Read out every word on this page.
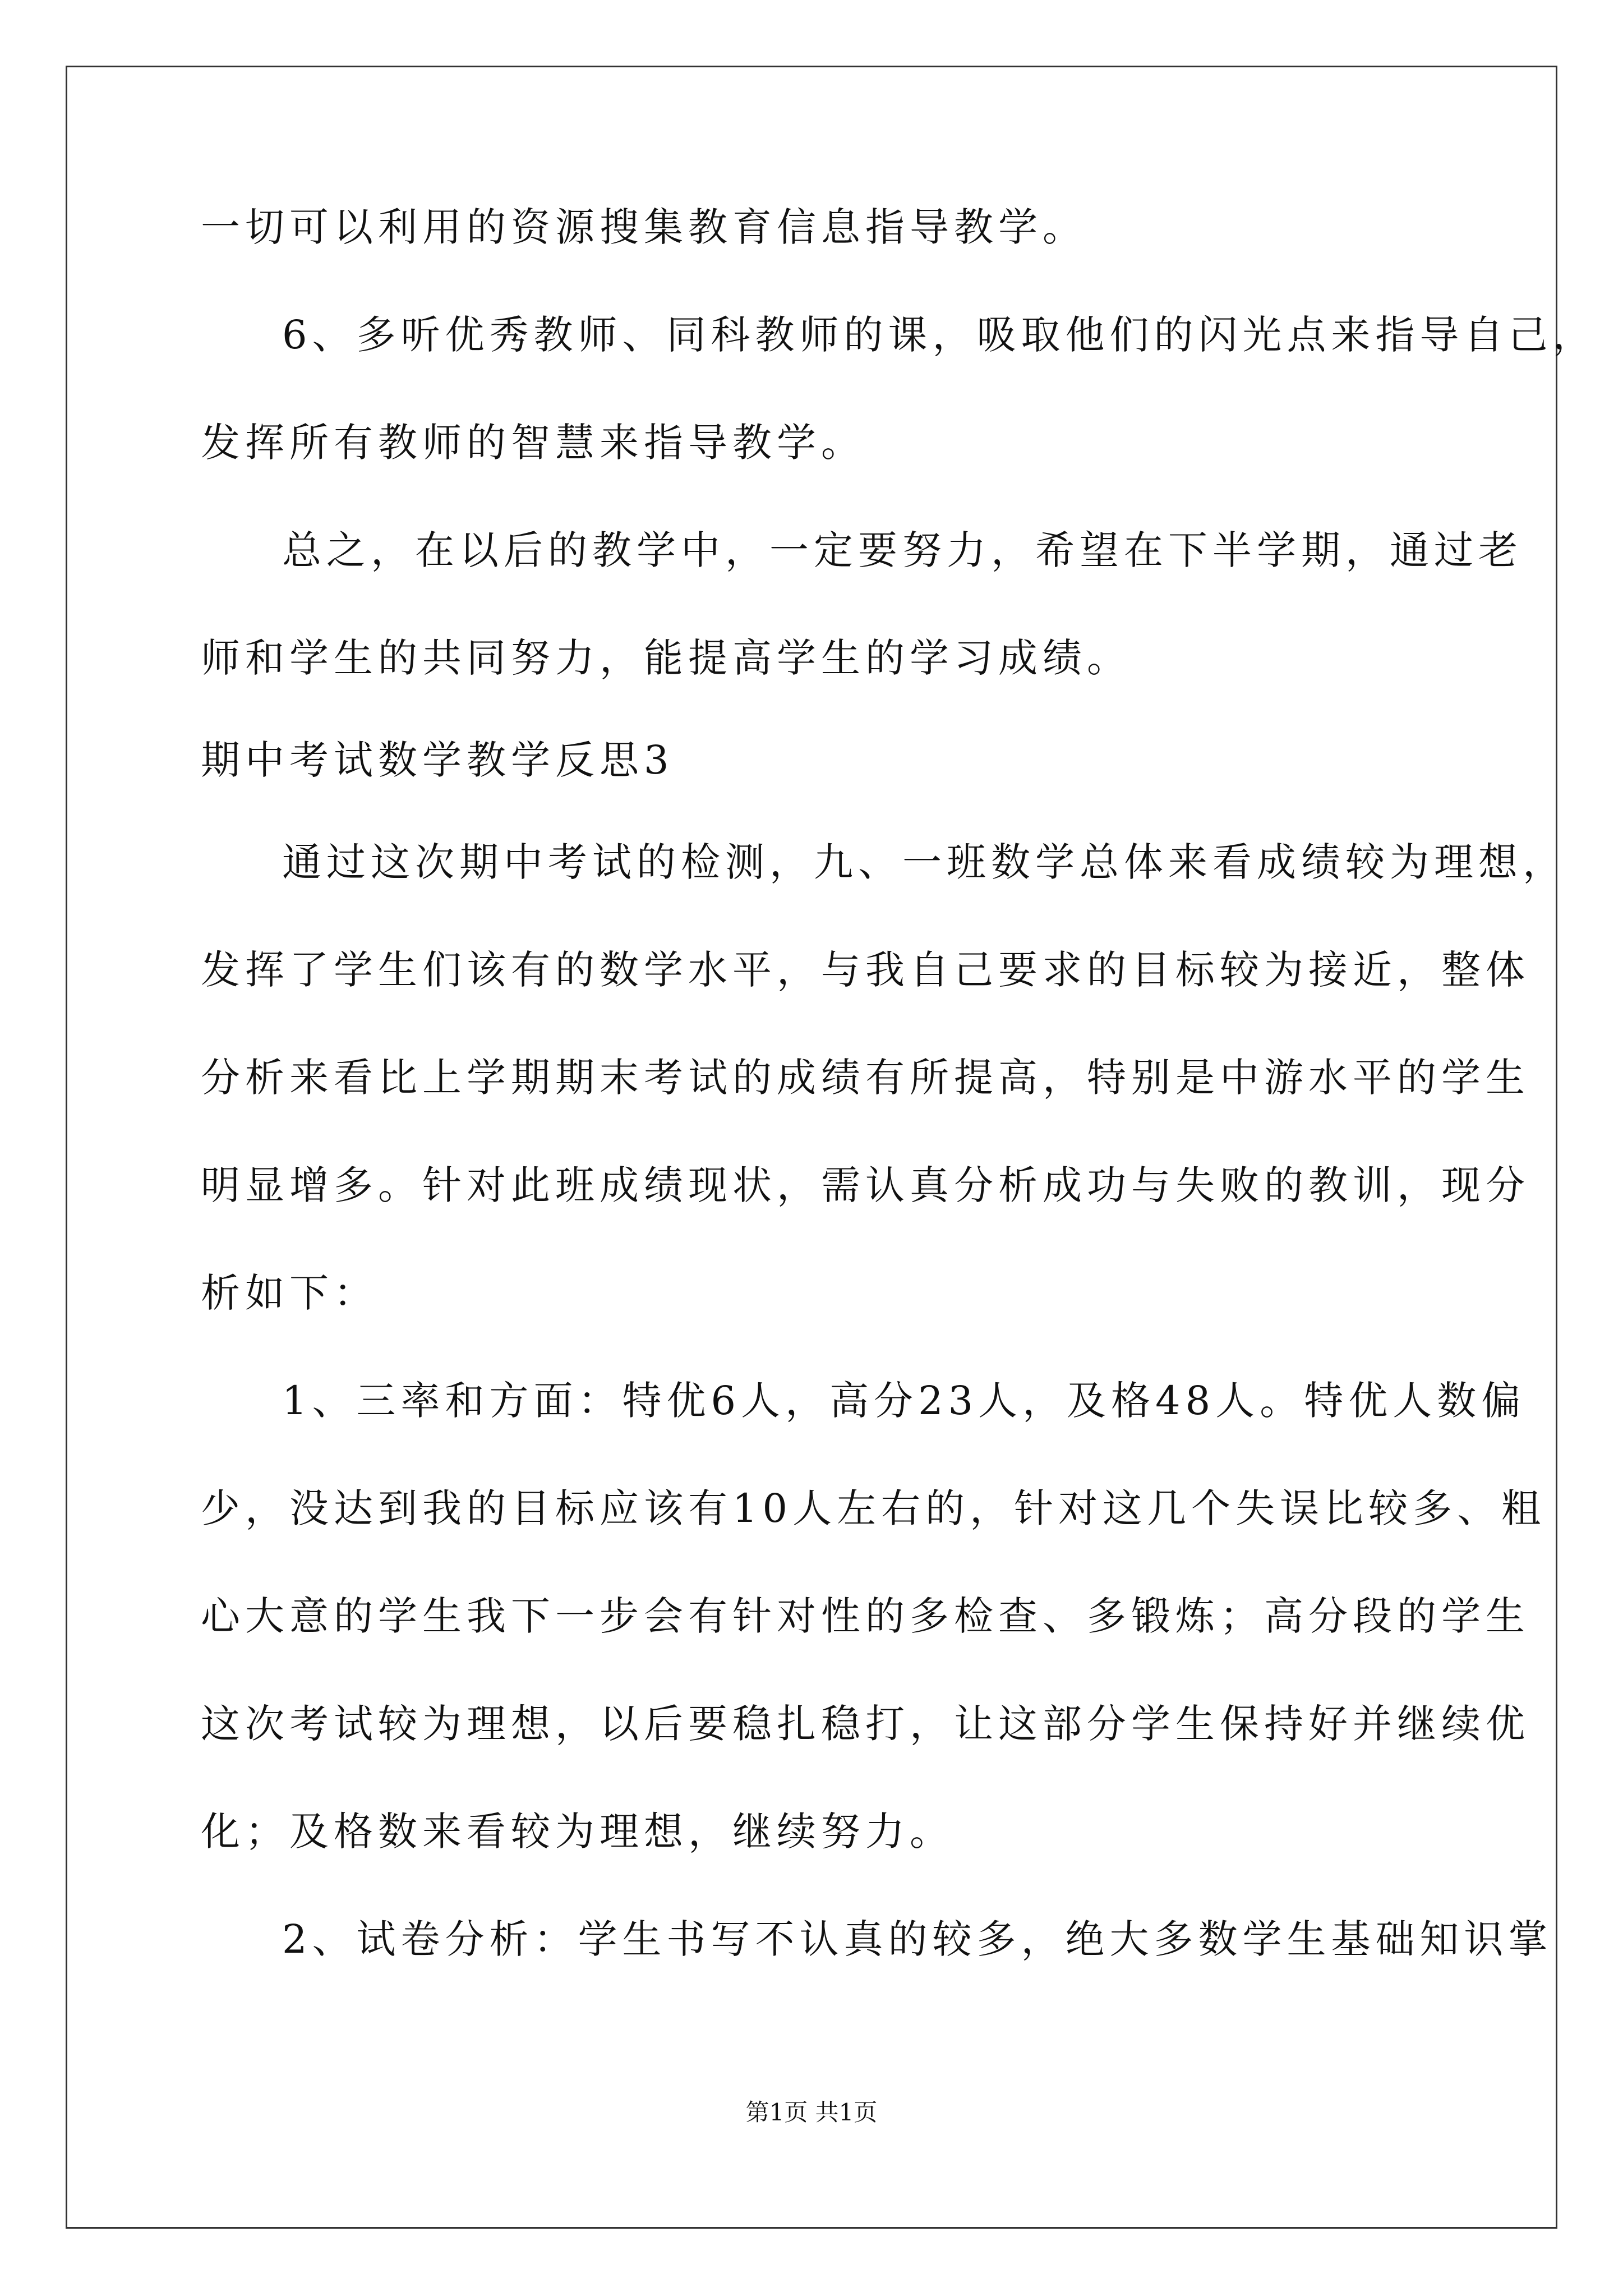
一切可以利用的资源搜集教育信息指导教学。
6、多听优秀教师、同科教师的课，吸取他们的闪光点来指导自己，
发挥所有教师的智慧来指导教学。
总之，在以后的教学中，一定要努力，希望在下半学期，通过老
师和学生的共同努力，能提高学生的学习成绩。
期中考试数学教学反思3
通过这次期中考试的检测，九、一班数学总体来看成绩较为理想，
发挥了学生们该有的数学水平，与我自己要求的目标较为接近，整体
分析来看比上学期期末考试的成绩有所提高，特别是中游水平的学生
明显增多。针对此班成绩现状，需认真分析成功与失败的教训，现分
析如下：
1、三率和方面：特优6人，高分23人，及格48人。特优人数偏
少，没达到我的目标应该有10人左右的，针对这几个失误比较多、粗
心大意的学生我下一步会有针对性的多检查、多锻炼；高分段的学生
这次考试较为理想，以后要稳扎稳打，让这部分学生保持好并继续优
化；及格数来看较为理想，继续努力。
2、试卷分析：学生书写不认真的较多，绝大多数学生基础知识掌
第1页 共1页
